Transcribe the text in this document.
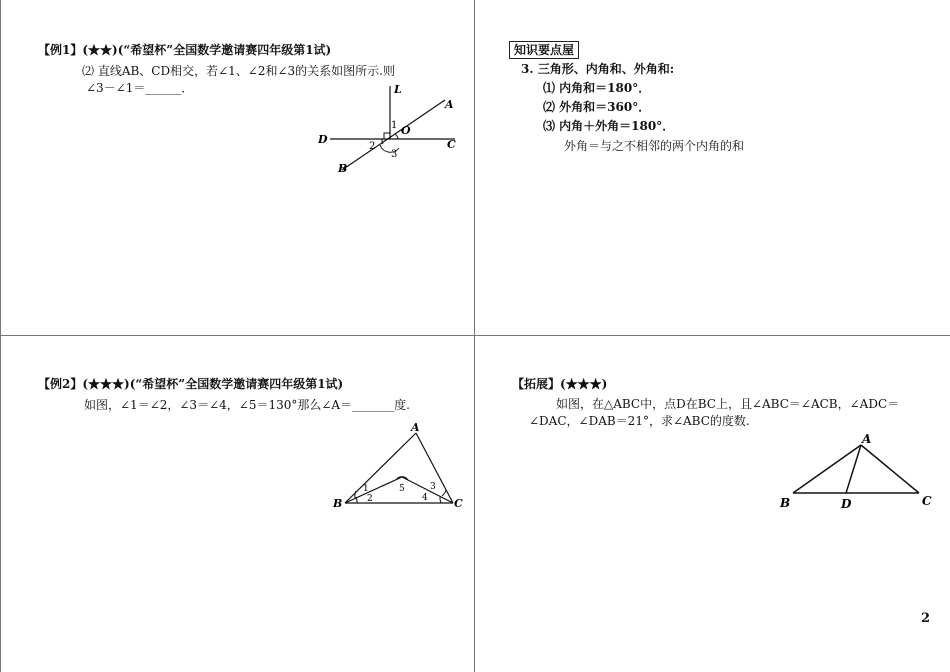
【例1】(★★)(“希望杯”全国数学邀请赛四年级第1试)
⑵ 直线AB、CD相交，若∠1、∠2和∠3的关系如图所示.则
∠3－∠1＝______．	L
A
O
1
D	C
2
3
B
知识要点屋
3. 三角形、内角和、外角和:
⑴ 内角和＝180°．
⑵ 外角和＝360°．
⑶ 内角＋外角＝180°．
外角＝与之不相邻的两个内角的和
【例2】(★★★)(“希望杯”全国数学邀请赛四年级第1试)
如图，∠1＝∠2，∠3＝∠4，∠5＝130°那么∠A＝_______度.
A
B	C
1
2
3
4
5
【拓展】(★★★)
如图，在△ABC中，点D在BC上，且∠ABC＝∠ACB，∠ADC＝
∠DAC，∠DAB＝21°，求∠ABC的度数.
A
B	D	C
2
